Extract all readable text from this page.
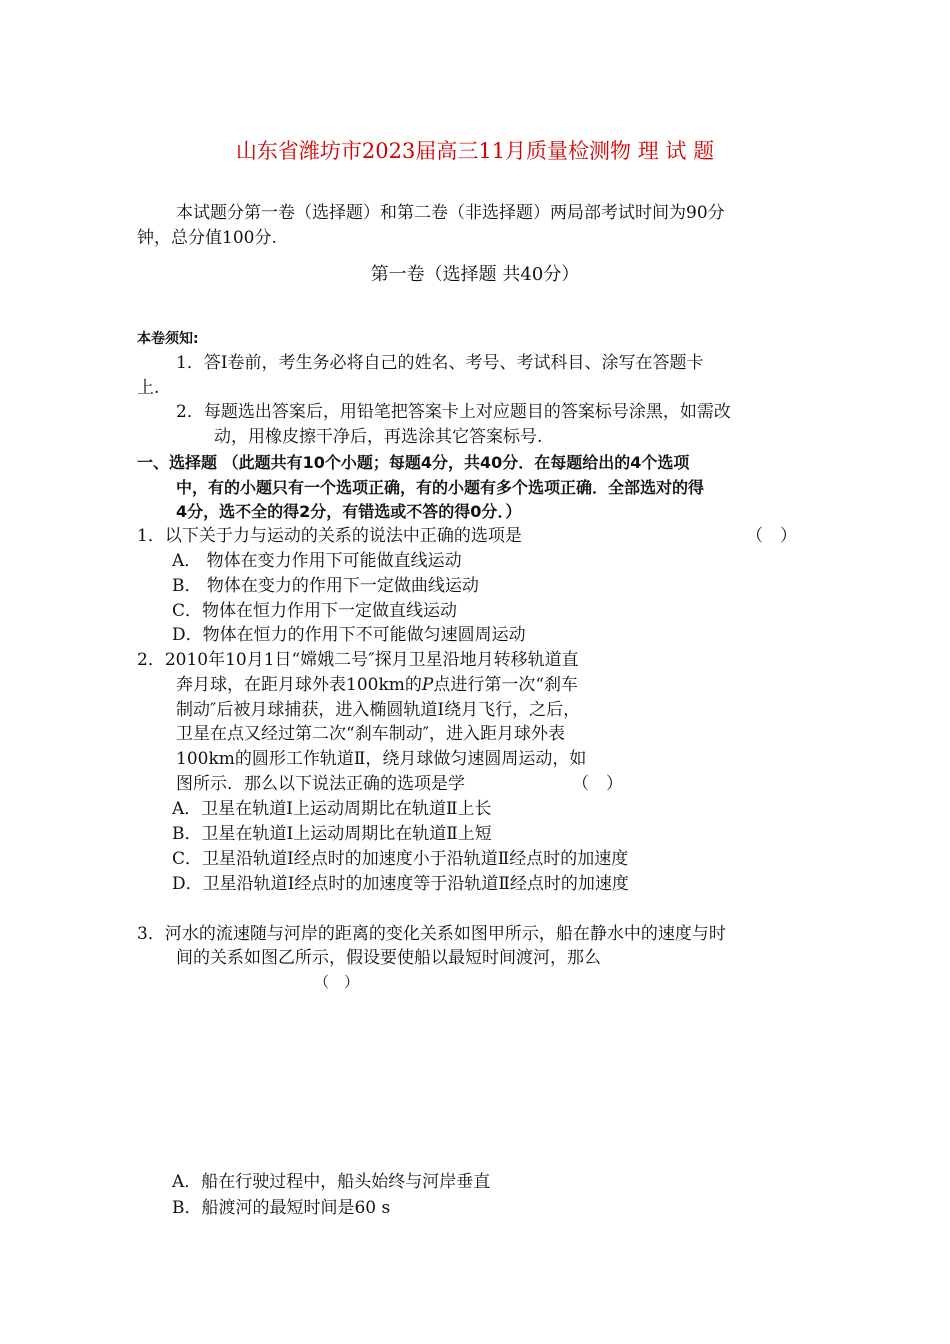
山东省潍坊市2023届高三11月质量检测物 理 试 题
本试题分第一卷（选择题）和第二卷（非选择题）两局部考试时间为90分
钟，总分值100分.
第一卷（选择题 共40分）
本卷须知:
1．答Ⅰ卷前，考生务必将自己的姓名、考号、考试科目、涂写在答题卡
上.
2．每题选出答案后，用铅笔把答案卡上对应题目的答案标号涂黑，如需改
动，用橡皮擦干净后，再选涂其它答案标号.
一、选择题 （此题共有10个小题；每题4分，共40分．在每题给出的4个选项
中，有的小题只有一个选项正确，有的小题有多个选项正确．全部选对的得
4分，选不全的得2分，有错选或不答的得0分．）
1．以下关于力与运动的关系的说法中正确的选项是	（　）
A． 物体在变力作用下可能做直线运动
B． 物体在变力的作用下一定做曲线运动
C．物体在恒力作用下一定做直线运动
D．物体在恒力的作用下不可能做匀速圆周运动
2．2010年10月1日“嫦娥二号″探月卫星沿地月转移轨道直
奔月球，在距月球外表100km的P点进行第一次“刹车
制动″后被月球捕获，进入椭圆轨道Ⅰ绕月飞行，之后，
卫星在点又经过第二次“刹车制动″，进入距月球外表
100km的圆形工作轨道Ⅱ，绕月球做匀速圆周运动，如
图所示．那么以下说法正确的选项是学	（　）
A．卫星在轨道Ⅰ上运动周期比在轨道Ⅱ上长
B．卫星在轨道Ⅰ上运动周期比在轨道Ⅱ上短
C．卫星沿轨道Ⅰ经点时的加速度小于沿轨道Ⅱ经点时的加速度
D．卫星沿轨道Ⅰ经点时的加速度等于沿轨道Ⅱ经点时的加速度
3．河水的流速随与河岸的距离的变化关系如图甲所示，船在静水中的速度与时
间的关系如图乙所示，假设要使船以最短时间渡河，那么
（　）
A．船在行驶过程中，船头始终与河岸垂直
B．船渡河的最短时间是60 s
